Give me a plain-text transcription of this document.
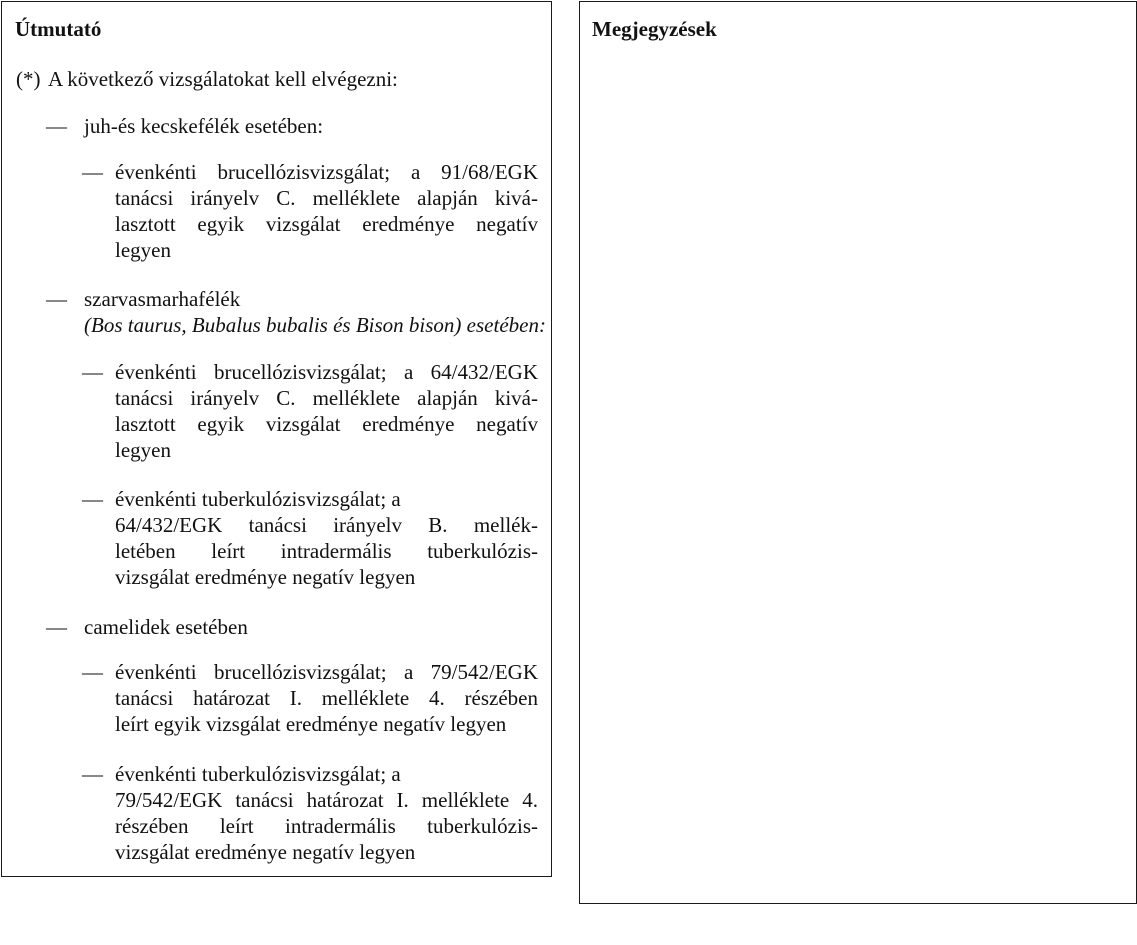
Útmutató
(*) A következő vizsgálatokat kell elvégezni:
— juh-és kecskefélék esetében:
— évenkénti brucellózisvizsgálat; a 91/68/EGK
tanácsi irányelv C. melléklete alapján kivá-
lasztott egyik vizsgálat eredménye negatív
legyen
— szarvasmarhafélék
(Bos taurus, Bubalus bubalis és Bison bison) esetében:
— évenkénti brucellózisvizsgálat; a 64/432/EGK
tanácsi irányelv C. melléklete alapján kivá-
lasztott egyik vizsgálat eredménye negatív
legyen
— évenkénti tuberkulózisvizsgálat; a
64/432/EGK tanácsi irányelv B. mellék-
letében leírt intradermális tuberkulózis-
vizsgálat eredménye negatív legyen
— camelidek esetében
— évenkénti brucellózisvizsgálat; a 79/542/EGK
tanácsi határozat I. melléklete 4. részében
leírt egyik vizsgálat eredménye negatív legyen
— évenkénti tuberkulózisvizsgálat; a
79/542/EGK tanácsi határozat I. melléklete 4.
részében leírt intradermális tuberkulózis-
vizsgálat eredménye negatív legyen
Megjegyzések
